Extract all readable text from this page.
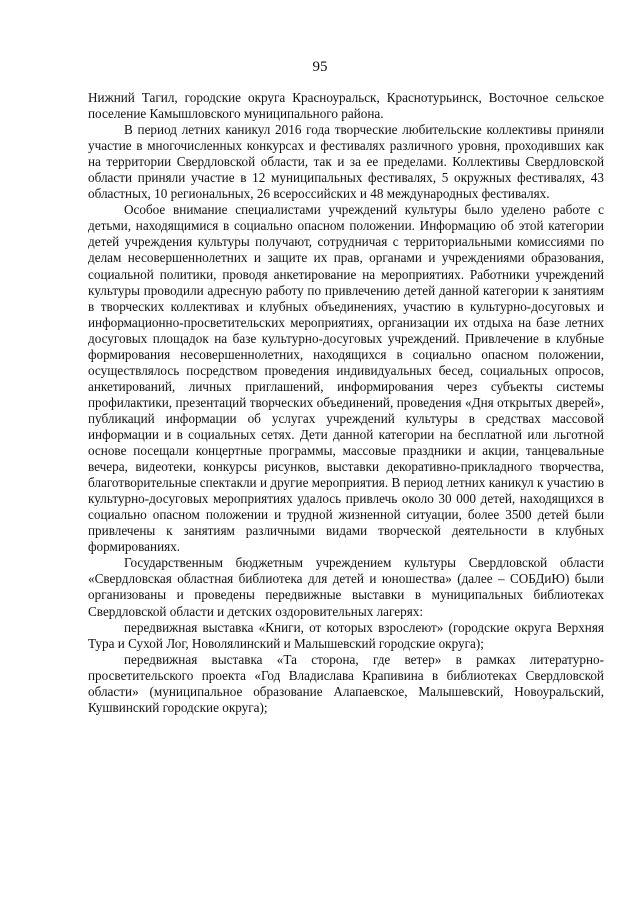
95

Нижний Тагил, городские округа Красноуральск, Краснотурьинск, Восточное сельское поселение Камышловского муниципального района.

В период летних каникул 2016 года творческие любительские коллективы приняли участие в многочисленных конкурсах и фестивалях различного уровня, проходивших как на территории Свердловской области, так и за ее пределами. Коллективы Свердловской области приняли участие в 12 муниципальных фестивалях, 5 окружных фестивалях, 43 областных, 10 региональных, 26 всероссийских и 48 международных фестивалях.

Особое внимание специалистами учреждений культуры было уделено работе с детьми, находящимися в социально опасном положении. Информацию об этой категории детей учреждения культуры получают, сотрудничая с территориальными комиссиями по делам несовершеннолетних и защите их прав, органами и учреждениями образования, социальной политики, проводя анкетирование на мероприятиях. Работники учреждений культуры проводили адресную работу по привлечению детей данной категории к занятиям в творческих коллективах и клубных объединениях, участию в культурно-досуговых и информационно-просветительских мероприятиях, организации их отдыха на базе летних досуговых площадок на базе культурно-досуговых учреждений. Привлечение в клубные формирования несовершеннолетних, находящихся в социально опасном положении, осуществлялось посредством проведения индивидуальных бесед, социальных опросов, анкетирований, личных приглашений, информирования через субъекты системы профилактики, презентаций творческих объединений, проведения «Дня открытых дверей», публикаций информации об услугах учреждений культуры в средствах массовой информации и в социальных сетях. Дети данной категории на бесплатной или льготной основе посещали концертные программы, массовые праздники и акции, танцевальные вечера, видеотеки, конкурсы рисунков, выставки декоративно-прикладного творчества, благотворительные спектакли и другие мероприятия. В период летних каникул к участию в культурно-досуговых мероприятиях удалось привлечь около 30 000 детей, находящихся в социально опасном положении и трудной жизненной ситуации, более 3500 детей были привлечены к занятиям различными видами творческой деятельности в клубных формированиях.

Государственным бюджетным учреждением культуры Свердловской области «Свердловская областная библиотека для детей и юношества» (далее – СОБДиЮ) были организованы и проведены передвижные выставки в муниципальных библиотеках Свердловской области и детских оздоровительных лагерях:

передвижная выставка «Книги, от которых взрослеют» (городские округа Верхняя Тура и Сухой Лог, Новолялинский и Малышевский городские округа);

передвижная выставка «Та сторона, где ветер» в рамках литературно-просветительского проекта «Год Владислава Крапивина в библиотеках Свердловской области» (муниципальное образование Алапаевское, Малышевский, Новоуральский, Кушвинский городские округа);
